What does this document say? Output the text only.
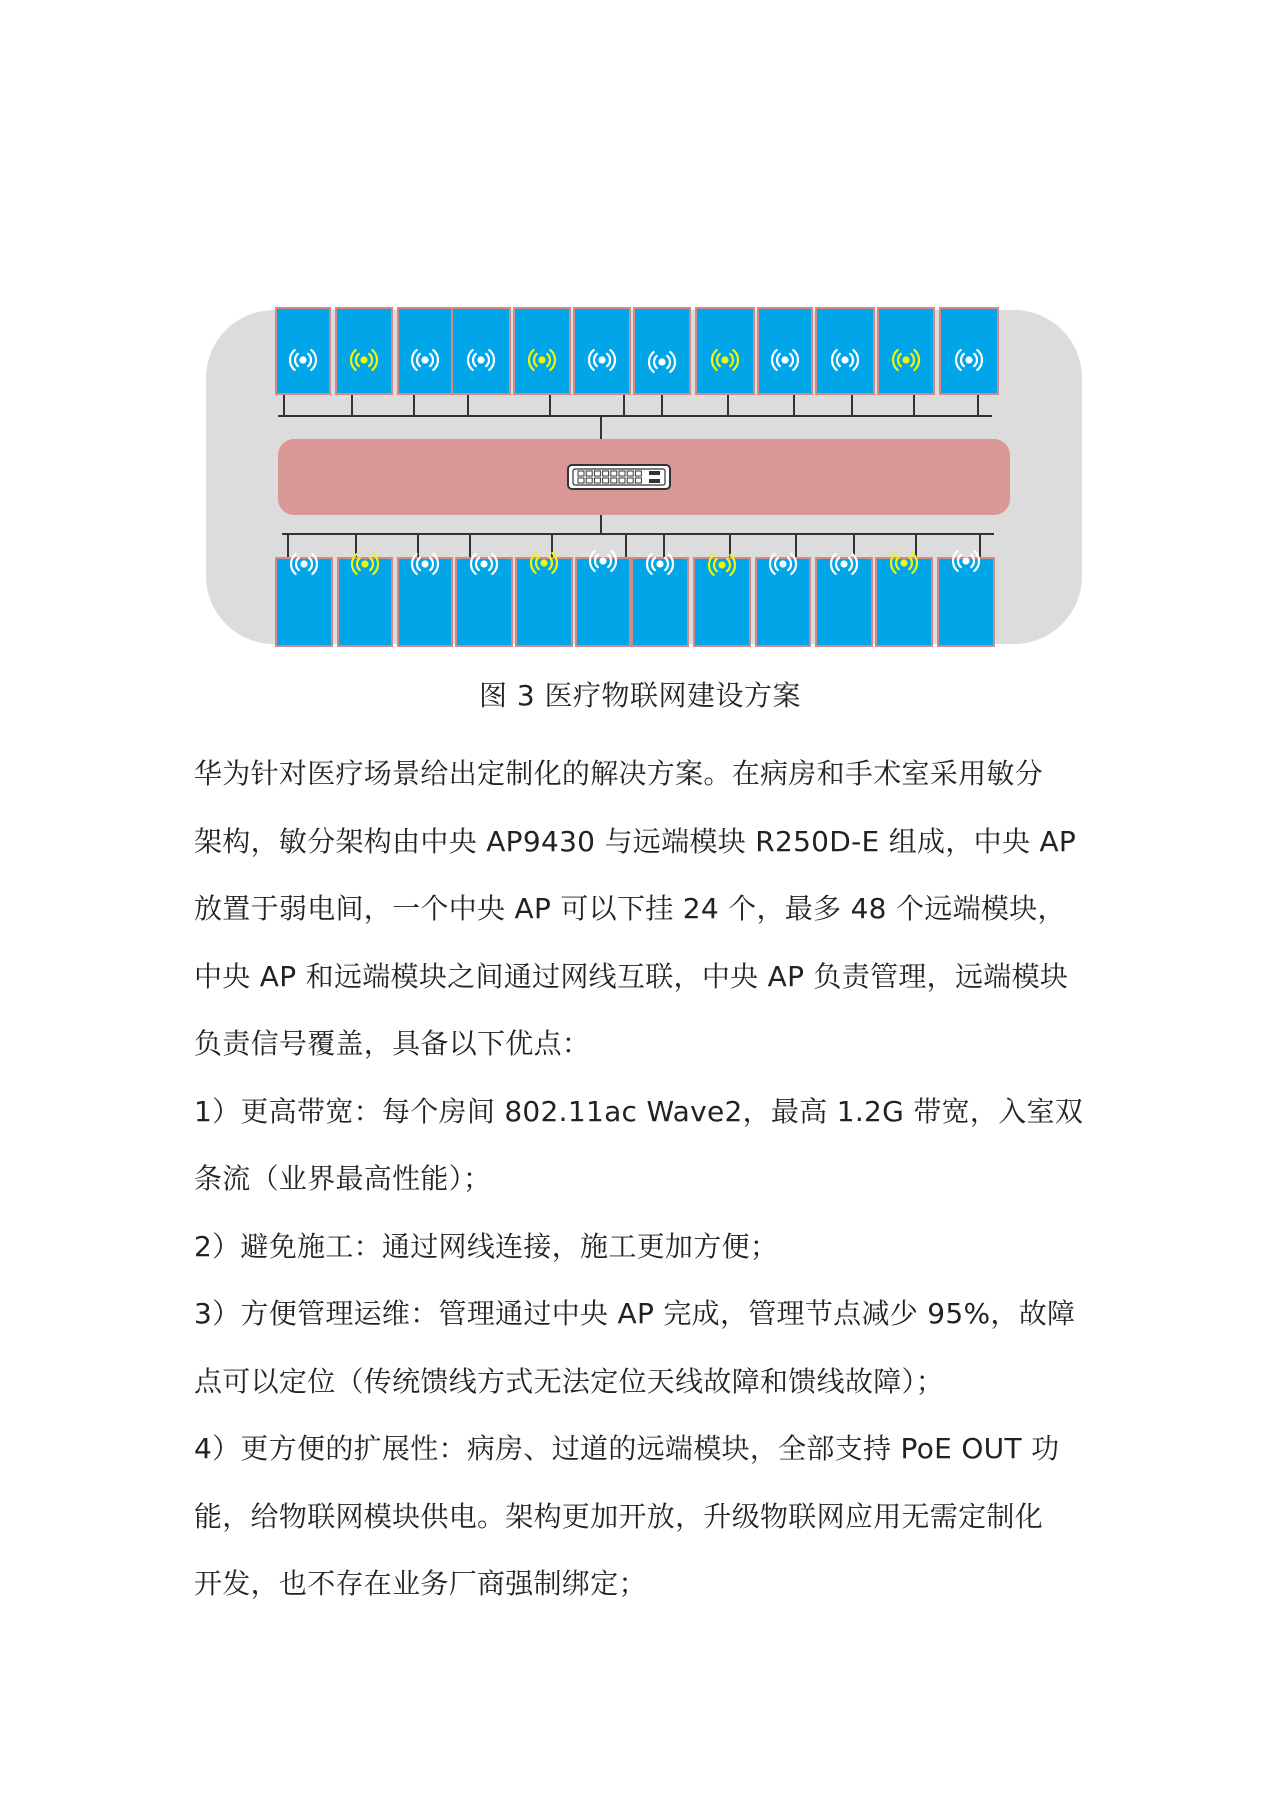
图 3 医疗物联网建设方案

华为针对医疗场景给出定制化的解决方案。在病房和手术室采用敏分
架构，敏分架构由中央 AP9430 与远端模块 R250D-E 组成，中央 AP
放置于弱电间，一个中央 AP 可以下挂 24 个，最多 48 个远端模块，
中央 AP 和远端模块之间通过网线互联，中央 AP 负责管理，远端模块
负责信号覆盖，具备以下优点：

1）更高带宽：每个房间 802.11ac Wave2，最高 1.2G 带宽，入室双
条流（业界最高性能）；

2）避免施工：通过网线连接，施工更加方便；

3）方便管理运维：管理通过中央 AP 完成，管理节点减少 95%，故障
点可以定位（传统馈线方式无法定位天线故障和馈线故障）；

4）更方便的扩展性：病房、过道的远端模块，全部支持 PoE OUT 功
能，给物联网模块供电。架构更加开放，升级物联网应用无需定制化
开发，也不存在业务厂商强制绑定；
